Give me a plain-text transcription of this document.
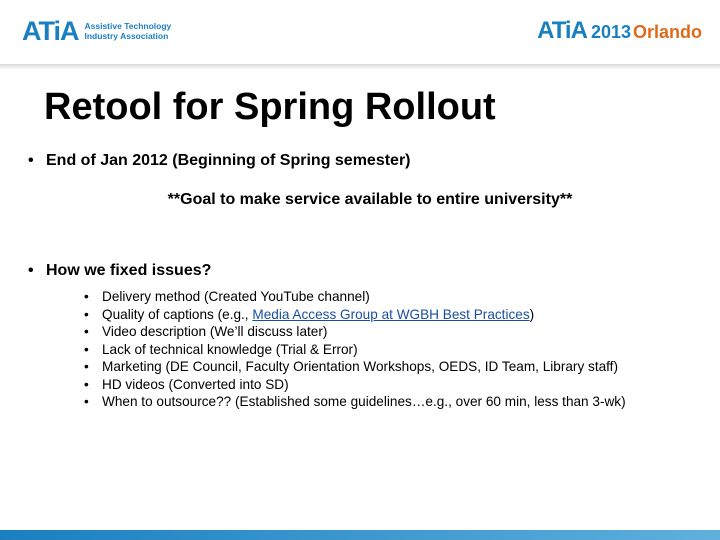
ATiA Assistive Technology
Industry Association	ATiA 2013 Orlando
Retool for Spring Rollout
• End of Jan 2012 (Beginning of Spring semester)
**Goal to make service available to entire university**
• How we fixed issues?
• Delivery method (Created YouTube channel)
• Quality of captions (e.g., Media Access Group at WGBH Best Practices)
• Video description (We’ll discuss later)
• Lack of technical knowledge (Trial & Error)
• Marketing (DE Council, Faculty Orientation Workshops, OEDS, ID Team, Library staff)
• HD videos (Converted into SD)
• When to outsource?? (Established some guidelines…e.g., over 60 min, less than 3-wk)
